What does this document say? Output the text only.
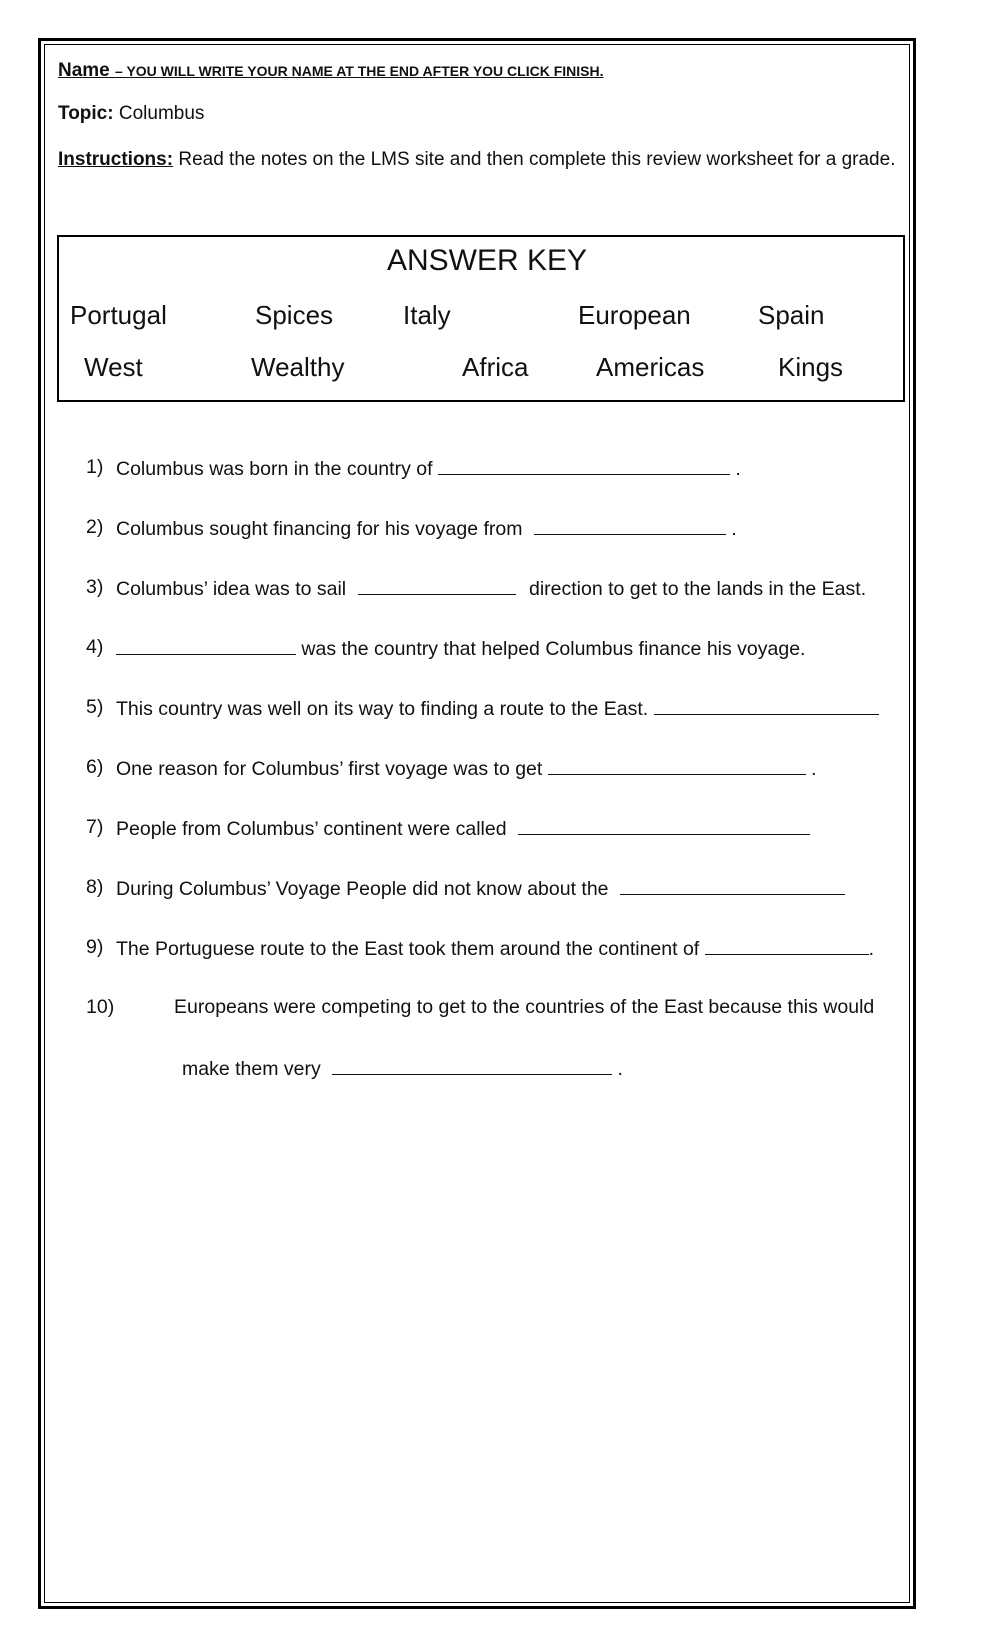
Name – YOU WILL WRITE YOUR NAME AT THE END AFTER YOU CLICK FINISH.
Topic: Columbus
Instructions: Read the notes on the LMS site and then complete this review worksheet for a grade.
ANSWER KEY
Portugal	Spices	Italy	European	Spain
West	Wealthy	Africa	Americas	Kings
1) Columbus was born in the country of	.
2) Columbus sought financing for his voyage from	.
3) Columbus’ idea was to sail	direction to get to the lands in the East.
4)	was the country that helped Columbus finance his voyage.
5) This country was well on its way to finding a route to the East.
6) One reason for Columbus’ first voyage was to get	.
7) People from Columbus’ continent were called
8) During Columbus’ Voyage People did not know about the
9) The Portuguese route to the East took them around the continent of	.
10)	Europeans were competing to get to the countries of the East because this would
make them very	.
